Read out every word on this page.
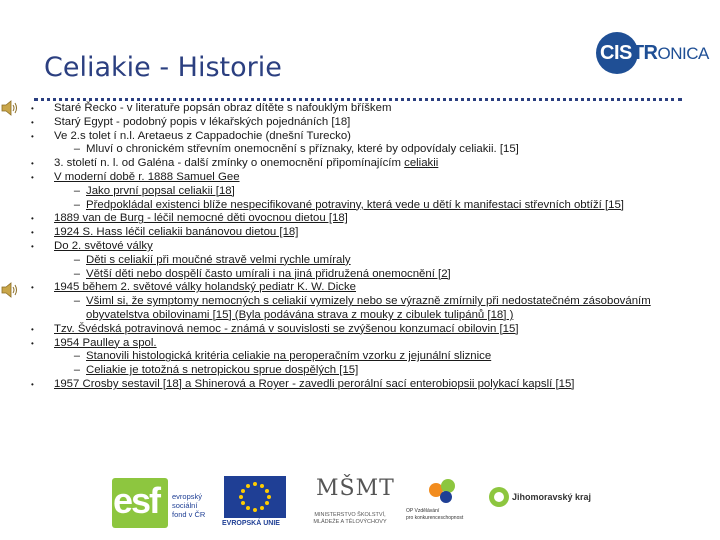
Celiakie - Historie	CISTRONICA
•	Staré Řecko - v literatuře popsán obraz dítěte s nafouklým bříškem
•	Starý Egypt - podobný popis v lékařských pojednáních [18]
•	Ve 2.s tolet í n.l. Aretaeus z Cappadochie (dnešní Turecko)
– Mluví o chronickém střevním onemocnění s příznaky, které by odpovídaly celiakii. [15]
•	3. století n. l. od Galéna - další zmínky o onemocnění připomínajícím celiakii
•	V moderní době r. 1888 Samuel Gee
– Jako první popsal celiakii [18]
– Předpokládal existenci blíže nespecifikované potraviny, která vede u dětí k manifestaci střevních obtíží [15]
•	1889 van de Burg - léčil nemocné děti ovocnou dietou [18]
•	1924 S. Hass léčil celiakii banánovou dietou [18]
•	Do 2. světové války
– Děti s celiakií při moučné stravě velmi rychle umíraly
– Větší děti nebo dospělí často umírali i na jiná přidružená onemocnění [2]
•	1945 během 2. světové války holandský pediatr K. W. Dicke
– Všiml si, že symptomy nemocných s celiakií vymizely nebo se výrazně zmírnily při nedostatečném zásobováním obyvatelstva obilovinami [15] (Byla podávána strava z mouky z cibulek tulipánů [18] )
•	Tzv. Švédská potravinová nemoc - známá v souvislosti se zvýšenou konzumací obilovin [15]
•	1954 Paulley a spol.
– Stanovili histologická kritéria celiakie na peroperačním vzorku z jejunální sliznice
– Celiakie je totožná s netropickou sprue dospělých [15]
•	1957 Crosby sestavil [18] a Shinerová a Royer - zavedli perorální sací enterobiopsii polykací kapslí [15]
esf evropský
sociální
fond v ČR
EVROPSKÁ UNIE
MŠMT
MINISTERSTVO ŠKOLSTVÍ,
MLÁDEŽE A TĚLOVÝCHOVY
OP Vzdělávání
pro konkurenceschopnost
Jihomoravský kraj
